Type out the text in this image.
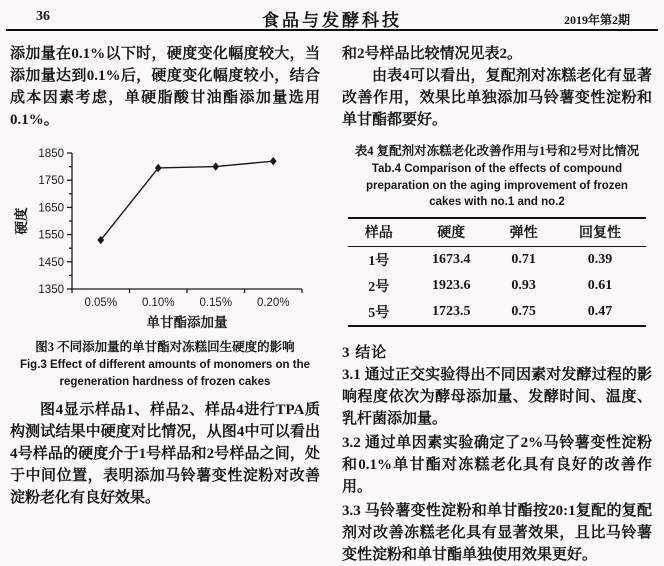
36	食品与发酵科技	2019年第2期

添加量在0.1%以下时，硬度变化幅度较大，当添加量达到0.1%后，硬度变化幅度较小，结合成本因素考虑，单硬脂酸甘油酯添加量选用0.1%。

1350
1450
1550
1650
1750
1850
0.05% 0.10% 0.15% 0.20%
单甘酯添加量
硬度
图3 不同添加量的单甘酯对冻糕回生硬度的影响
Fig.3 Effect of different amounts of monomers on the regeneration hardness of frozen cakes

图4显示样品1、样品2、样品4进行TPA质构测试结果中硬度对比情况，从图4中可以看出4号样品的硬度介于1号样品和2号样品之间，处于中间位置，表明添加马铃薯变性淀粉对改善淀粉老化有良好效果。

和2号样品比较情况见表2。

由表4可以看出，复配剂对冻糕老化有显著改善作用，效果比单独添加马铃薯变性淀粉和单甘酯都要好。

表4 复配剂对冻糕老化改善作用与1号和2号对比情况
Tab.4 Comparison of the effects of compound preparation on the aging improvement of frozen cakes with no.1 and no.2
样品	硬度	弹性	回复性
1号	1673.4	0.71	0.39
2号	1923.6	0.93	0.61
5号	1723.5	0.75	0.47
3 结论

3.1 通过正交实验得出不同因素对发酵过程的影响程度依次为酵母添加量、发酵时间、温度、乳杆菌添加量。

3.2 通过单因素实验确定了2%马铃薯变性淀粉和0.1%单甘酯对冻糕老化具有良好的改善作用。

3.3 马铃薯变性淀粉和单甘酯按20:1复配的复配剂对改善冻糕老化具有显著效果，且比马铃薯变性淀粉和单甘酯单独使用效果更好。
